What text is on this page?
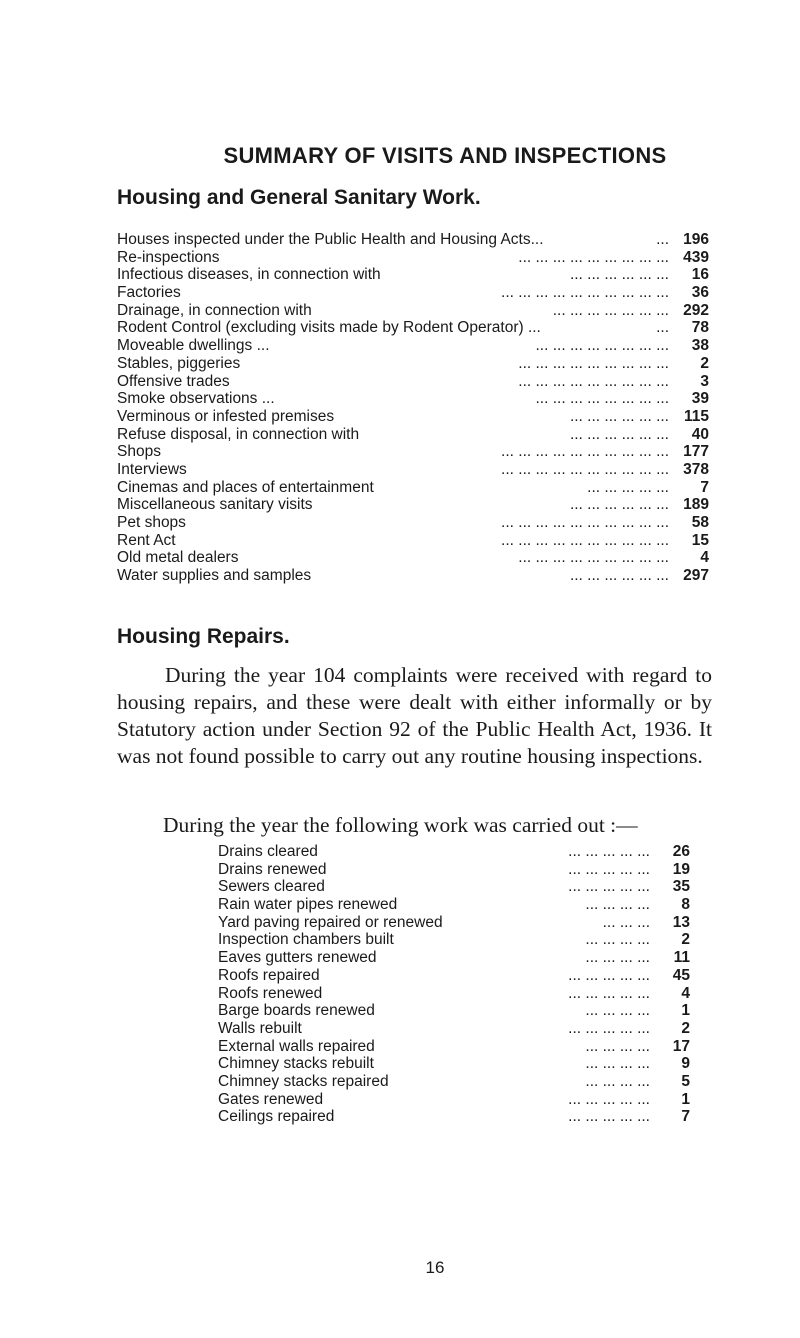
SUMMARY OF VISITS AND INSPECTIONS
Housing and General Sanitary Work.
Houses inspected under the Public Health and Housing Acts...	... 196
Re-inspections	... ... ... ... ... ... ... ... ... 439
Infectious diseases, in connection with	... ... ... ... ... ... 16
Factories	... ... ... ... ... ... ... ... ... ... 36
Drainage, in connection with	... ... ... ... ... ... ... 292
Rodent Control (excluding visits made by Rodent Operator) ...	... 78
Moveable dwellings ...	... ... ... ... ... ... ... ... 38
Stables, piggeries	... ... ... ... ... ... ... ... ... 2
Offensive trades	... ... ... ... ... ... ... ... ... 3
Smoke observations ...	... ... ... ... ... ... ... ... 39
Verminous or infested premises	... ... ... ... ... ... 115
Refuse disposal, in connection with	... ... ... ... ... ... 40
Shops	... ... ... ... ... ... ... ... ... ... 177
Interviews	... ... ... ... ... ... ... ... ... ... 378
Cinemas and places of entertainment	... ... ... ... ... 7
Miscellaneous sanitary visits	... ... ... ... ... ... 189
Pet shops	... ... ... ... ... ... ... ... ... ... 58
Rent Act	... ... ... ... ... ... ... ... ... ... 15
Old metal dealers	... ... ... ... ... ... ... ... ... 4
Water supplies and samples	... ... ... ... ... ... 297
Housing Repairs.
During the year 104 complaints were received with regard to housing repairs, and these were dealt with either informally or by Statutory action under Section 92 of the Public Health Act, 1936. It was not found possible to carry out any routine housing inspections.
During the year the following work was carried out :—
Drains cleared	... ... ... ... ... 26
Drains renewed	... ... ... ... ... 19
Sewers cleared	... ... ... ... ... 35
Rain water pipes renewed	... ... ... ... 8
Yard paving repaired or renewed	... ... ... 13
Inspection chambers built	... ... ... ... 2
Eaves gutters renewed	... ... ... ... 11
Roofs repaired	... ... ... ... ... 45
Roofs renewed	... ... ... ... ... 4
Barge boards renewed	... ... ... ... 1
Walls rebuilt	... ... ... ... ... 2
External walls repaired	... ... ... ... 17
Chimney stacks rebuilt	... ... ... ... 9
Chimney stacks repaired	... ... ... ... 5
Gates renewed	... ... ... ... ... 1
Ceilings repaired	... ... ... ... ... 7
16
